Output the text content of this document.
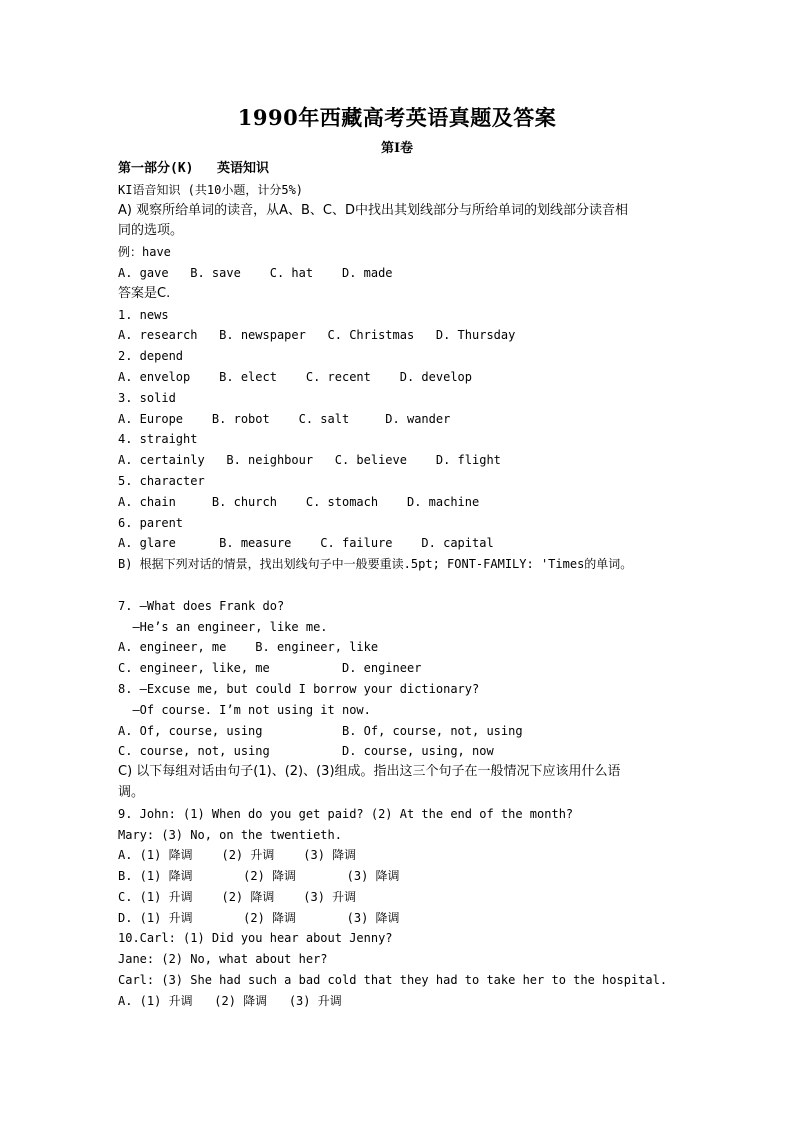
1990年西藏高考英语真题及答案
第Ⅰ卷
第一部分(K)   英语知识
KI语音知识 (共10小题，计分5%)
A) 观察所给单词的读音，从A、B、C、D中找出其划线部分与所给单词的划线部分读音相
同的选项。
例：have
A. gave   B. save    C. hat    D. made
答案是C.
1. news
A. research   B. newspaper   C. Christmas   D. Thursday
2. depend
A. envelop    B. elect    C. recent    D. develop
3. solid
A. Europe    B. robot    C. salt     D. wander
4. straight
A. certainly   B. neighbour   C. believe    D. flight
5. character
A. chain     B. church    C. stomach    D. machine
6. parent
A. glare      B. measure    C. failure    D. capital
B) 根据下列对话的情景，找出划线句子中一般要重读.5pt; FONT-FAMILY: 'Times的单词。

7. —What does Frank do?
—He’s an engineer, like me.
A. engineer, me    B. engineer, like
C. engineer, like, me          D. engineer
8. —Excuse me, but could I borrow your dictionary?
—Of course. I’m not using it now.
A. Of, course, using           B. Of, course, not, using
C. course, not, using          D. course, using, now
C) 以下每组对话由句子(1)、(2)、(3)组成。指出这三个句子在一般情况下应该用什么语
调。
9. John: (1) When do you get paid? (2) At the end of the month?
Mary: (3) No, on the twentieth.
A. (1) 降调    (2) 升调    (3) 降调
B. (1) 降调       (2) 降调       (3) 降调
C. (1) 升调    (2) 降调    (3) 升调
D. (1) 升调       (2) 降调       (3) 降调
10.Carl: (1) Did you hear about Jenny?
Jane: (2) No, what about her?
Carl: (3) She had such a bad cold that they had to take her to the hospital.
A. (1) 升调   (2) 降调   (3) 升调
